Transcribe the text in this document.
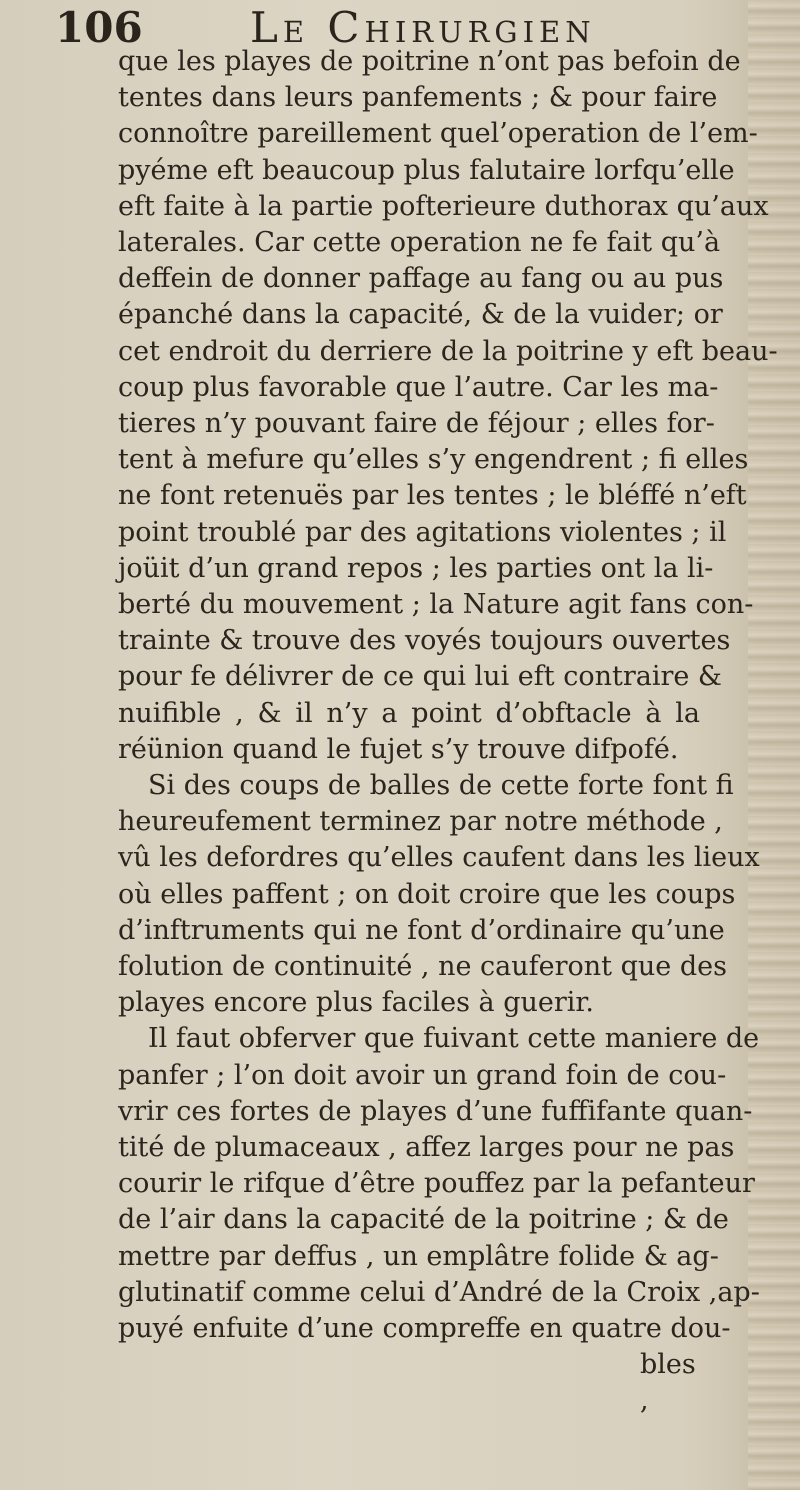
106	Le Chirurgien
que les playes de poitrine n’ont pas befoin de
tentes dans leurs panfements ; & pour faire
connoître pareillement quel’operation de l’em-
pyéme eft beaucoup plus falutaire lorfqu’elle
eft faite à la partie pofterieure duthorax qu’aux
laterales. Car cette operation ne fe fait qu’à
deffein de donner paffage au fang ou au pus
épanché dans la capacité, & de la vuider; or
cet endroit du derriere de la poitrine y eft beau-
coup plus favorable que l’autre. Car les ma-
tieres n’y pouvant faire de féjour ; elles for-
tent à mefure qu’elles s’y engendrent ; fi elles
ne font retenuës par les tentes ; le bléffé n’eft
point troublé par des agitations violentes ; il
joüit d’un grand repos ; les parties ont la li-
berté du mouvement ; la Nature agit fans con-
trainte & trouve des voyés toujours ouvertes
pour fe délivrer de ce qui lui eft contraire &
nuifible , & il n’y a point d’obftacle à la
réünion quand le fujet s’y trouve difpofé.
Si des coups de balles de cette forte font fi
heureufement terminez par notre méthode ,
vû les defordres qu’elles caufent dans les lieux
où elles paffent ; on doit croire que les coups
d’inftruments qui ne font d’ordinaire qu’une
folution de continuité , ne cauferont que des
playes encore plus faciles à guerir.
Il faut obferver que fuivant cette maniere de
panfer ; l’on doit avoir un grand foin de cou-
vrir ces fortes de playes d’une fuffifante quan-
tité de plumaceaux , affez larges pour ne pas
courir le rifque d’être pouffez par la pefanteur
de l’air dans la capacité de la poitrine ; & de
mettre par deffus , un emplâtre folide & ag-
glutinatif comme celui d’André de la Croix ,ap-
puyé enfuite d’une compreffe en quatre dou-
bles ,
